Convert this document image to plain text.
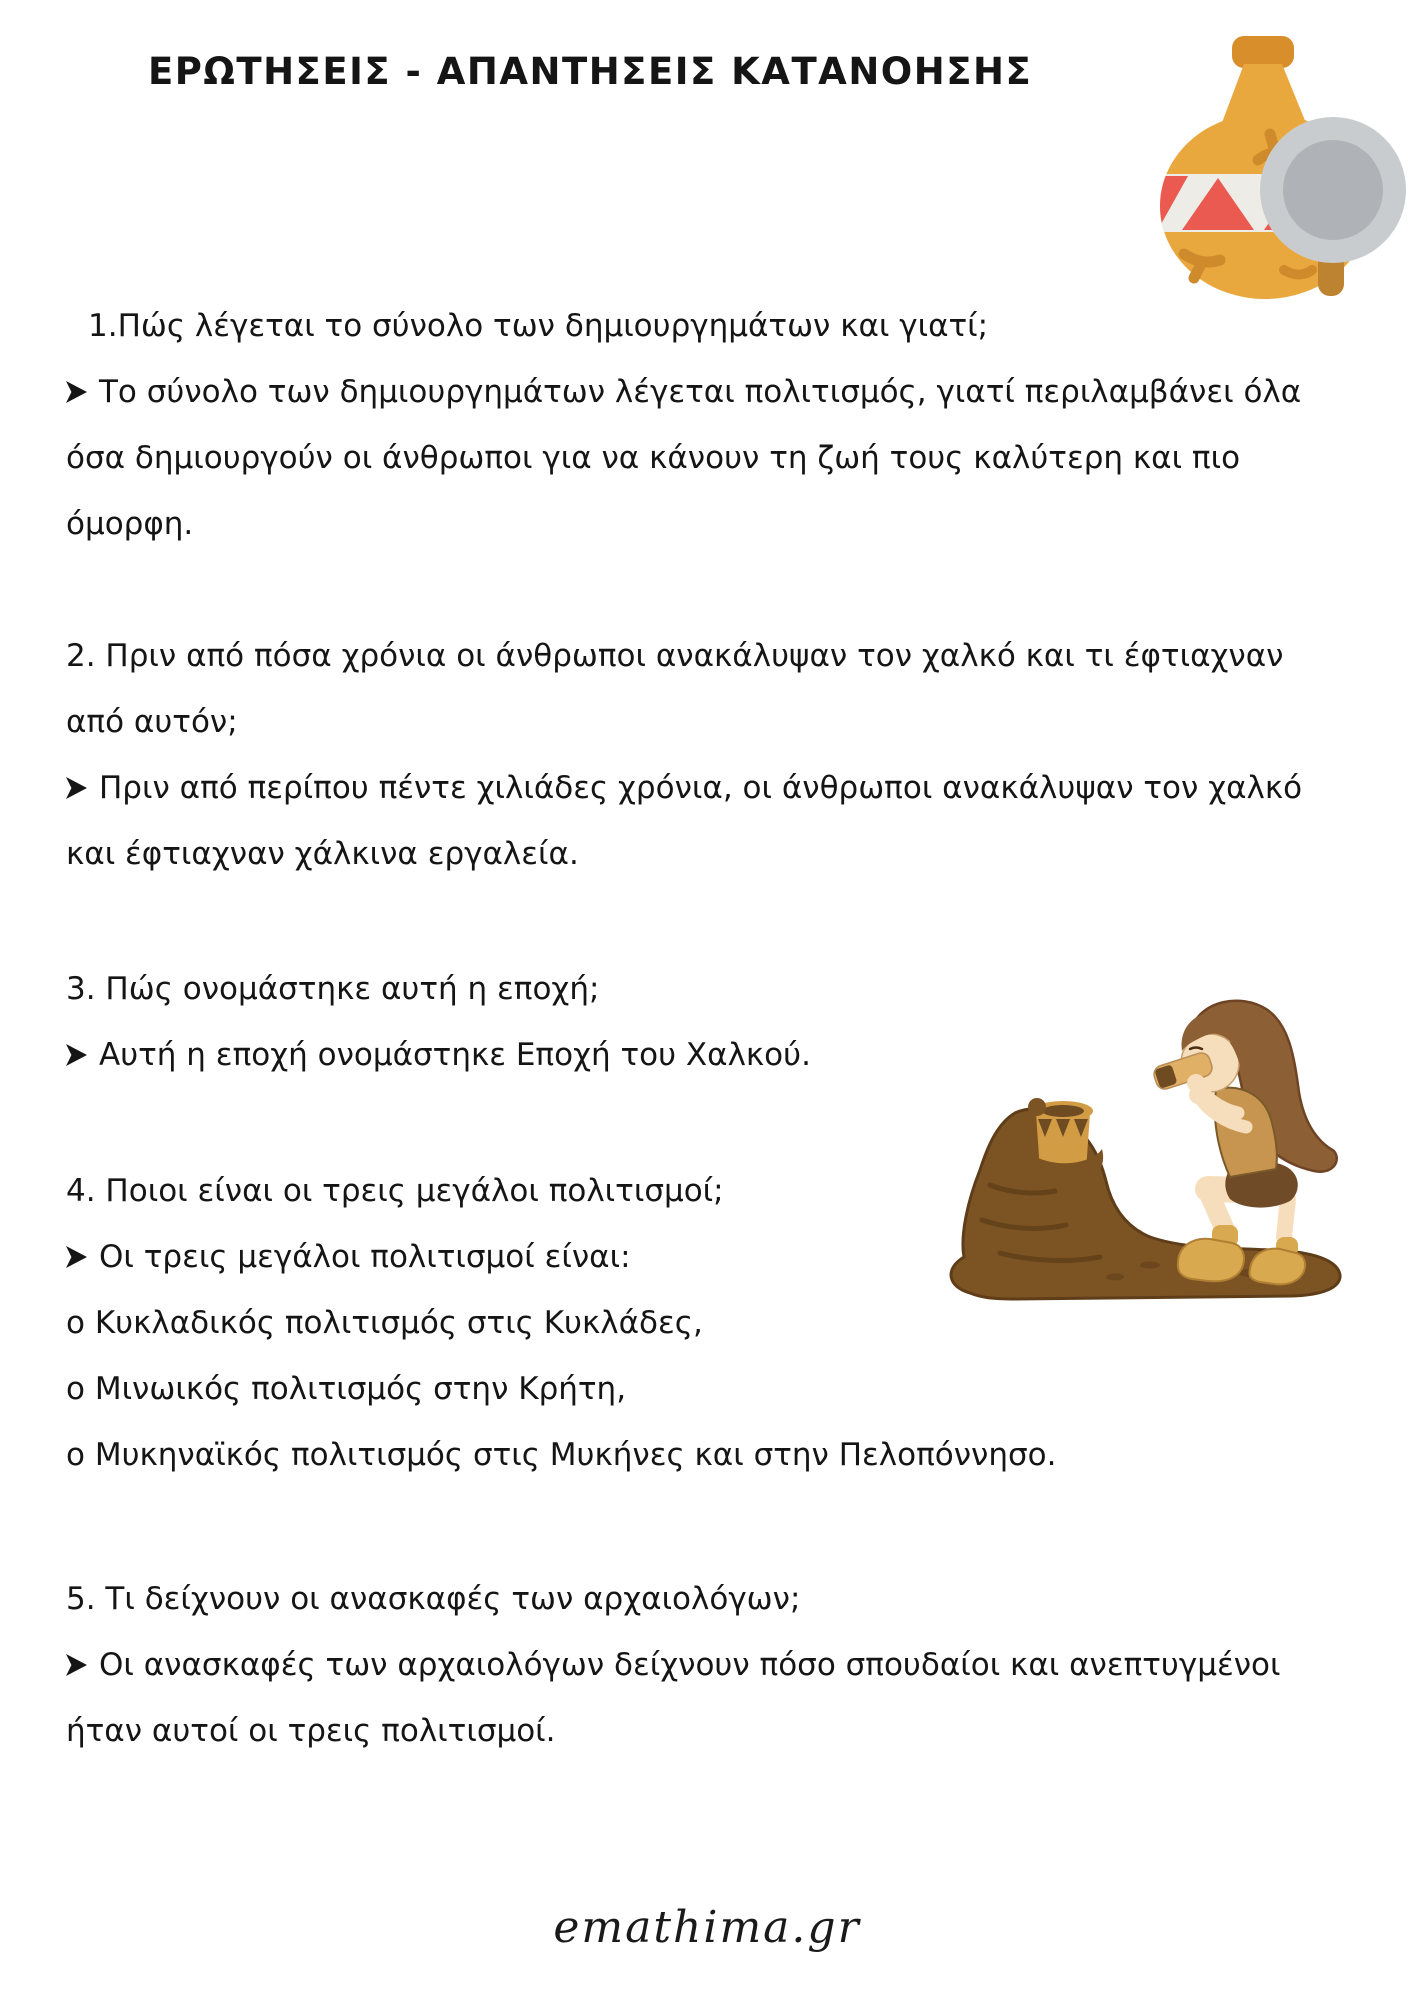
ΕΡΩΤΗΣΕΙΣ - ΑΠΑΝΤΗΣΕΙΣ ΚΑΤΑΝΟΗΣΗΣ
1.Πώς λέγεται το σύνολο των δημιουργημάτων και γιατί;
Το σύνολο των δημιουργημάτων λέγεται πολιτισμός, γιατί περιλαμβάνει όλα
όσα δημιουργούν οι άνθρωποι για να κάνουν τη ζωή τους καλύτερη και πιο
όμορφη.
2. Πριν από πόσα χρόνια οι άνθρωποι ανακάλυψαν τον χαλκό και τι έφτιαχναν
από αυτόν;
Πριν από περίπου πέντε χιλιάδες χρόνια, οι άνθρωποι ανακάλυψαν τον χαλκό
και έφτιαχναν χάλκινα εργαλεία.
3. Πώς ονομάστηκε αυτή η εποχή;
Αυτή η εποχή ονομάστηκε Εποχή του Χαλκού.
4. Ποιοι είναι οι τρεις μεγάλοι πολιτισμοί;
Οι τρεις μεγάλοι πολιτισμοί είναι:
ο Κυκλαδικός πολιτισμός στις Κυκλάδες,
ο Μινωικός πολιτισμός στην Κρήτη,
ο Μυκηναϊκός πολιτισμός στις Μυκήνες και στην Πελοπόννησο.
5. Τι δείχνουν οι ανασκαφές των αρχαιολόγων;
Οι ανασκαφές των αρχαιολόγων δείχνουν πόσο σπουδαίοι και ανεπτυγμένοι
ήταν αυτοί οι τρεις πολιτισμοί.
emathima.gr
